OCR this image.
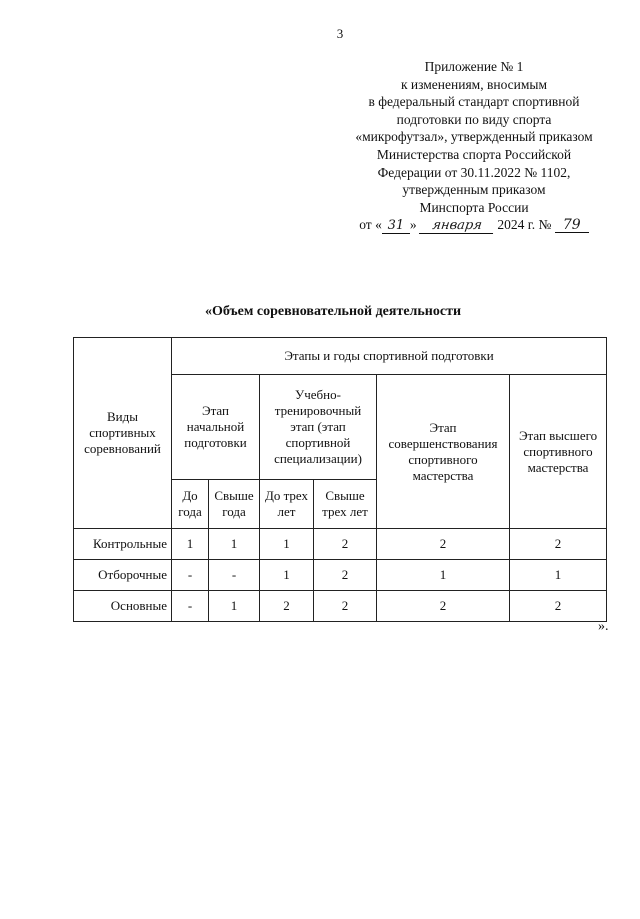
3
Приложение № 1
к изменениям, вносимым
в федеральный стандарт спортивной
подготовки по виду спорта
«микрофутзал», утвержденный приказом
Министерства спорта Российской
Федерации от 30.11.2022 № 1102,
утвержденным приказом
Минспорта России
от « 31 » января 2024 г. № 79
«Объем соревновательной деятельности
Виды спортивных соревнований	Этапы и годы спортивной подготовки					
	Этап начальной подготовки		Учебно-тренировочный этап (этап спортивной специализации)		Этап совершенствования спортивного мастерства	Этап высшего спортивного мастерства
	До года	Свыше года	До трех лет	Свыше трех лет		
Контрольные	1	1	1	2	2	2
Отборочные	-	-	1	2	1	1
Основные	-	1	2	2	2	2
».
